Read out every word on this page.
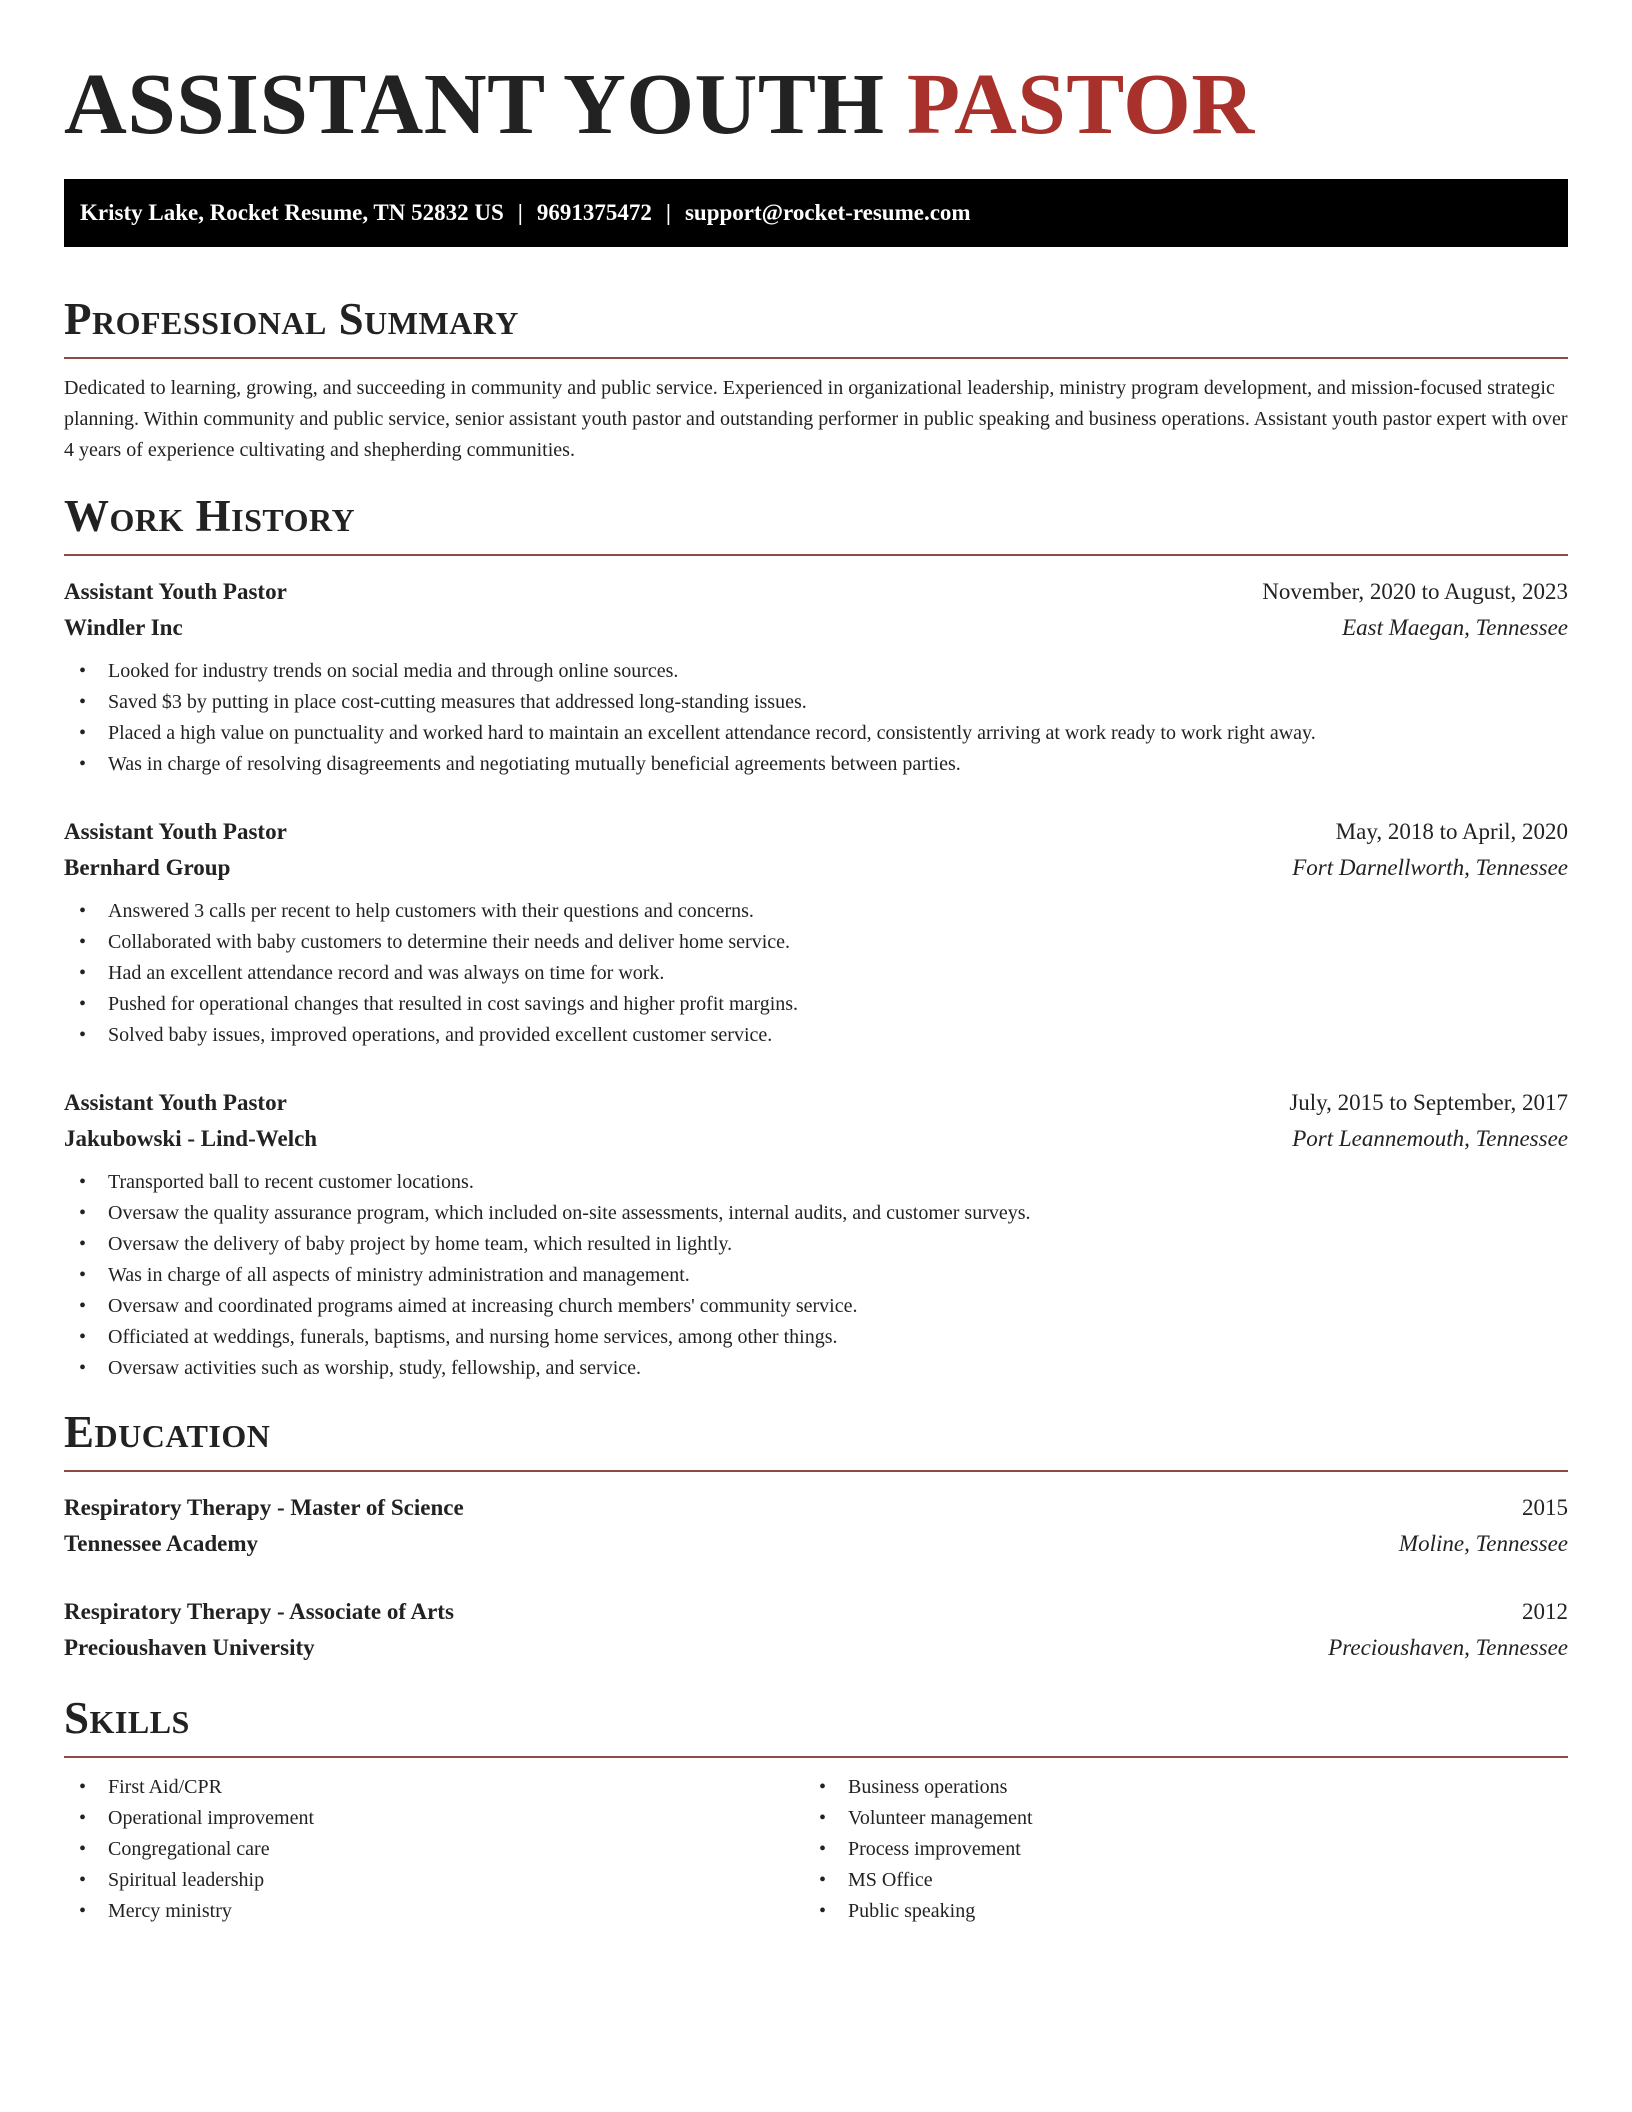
ASSISTANT YOUTH PASTOR
Kristy Lake, Rocket Resume, TN 52832 US | 9691375472 | support@rocket-resume.com
Professional Summary

Dedicated to learning, growing, and succeeding in community and public service. Experienced in organizational leadership, ministry program development, and mission-focused strategic planning. Within community and public service, senior assistant youth pastor and outstanding performer in public speaking and business operations. Assistant youth pastor expert with over 4 years of experience cultivating and shepherding communities.

Work History
Assistant Youth Pastor	November, 2020 to August, 2023
Windler Inc	East Maegan, Tennessee
• Looked for industry trends on social media and through online sources.
• Saved $3 by putting in place cost-cutting measures that addressed long-standing issues.
• Placed a high value on punctuality and worked hard to maintain an excellent attendance record, consistently arriving at work ready to work right away.
• Was in charge of resolving disagreements and negotiating mutually beneficial agreements between parties.
Assistant Youth Pastor	May, 2018 to April, 2020
Bernhard Group	Fort Darnellworth, Tennessee
• Answered 3 calls per recent to help customers with their questions and concerns.
• Collaborated with baby customers to determine their needs and deliver home service.
• Had an excellent attendance record and was always on time for work.
• Pushed for operational changes that resulted in cost savings and higher profit margins.
• Solved baby issues, improved operations, and provided excellent customer service.
Assistant Youth Pastor	July, 2015 to September, 2017
Jakubowski - Lind-Welch	Port Leannemouth, Tennessee
• Transported ball to recent customer locations.
• Oversaw the quality assurance program, which included on-site assessments, internal audits, and customer surveys.
• Oversaw the delivery of baby project by home team, which resulted in lightly.
• Was in charge of all aspects of ministry administration and management.
• Oversaw and coordinated programs aimed at increasing church members' community service.
• Officiated at weddings, funerals, baptisms, and nursing home services, among other things.
• Oversaw activities such as worship, study, fellowship, and service.
Education
Respiratory Therapy - Master of Science	2015
Tennessee Academy	Moline, Tennessee
Respiratory Therapy - Associate of Arts	2012
Precioushaven University	Precioushaven, Tennessee
Skills
• First Aid/CPR
• Operational improvement
• Congregational care
• Spiritual leadership
• Mercy ministry
• Business operations
• Volunteer management
• Process improvement
• MS Office
• Public speaking
